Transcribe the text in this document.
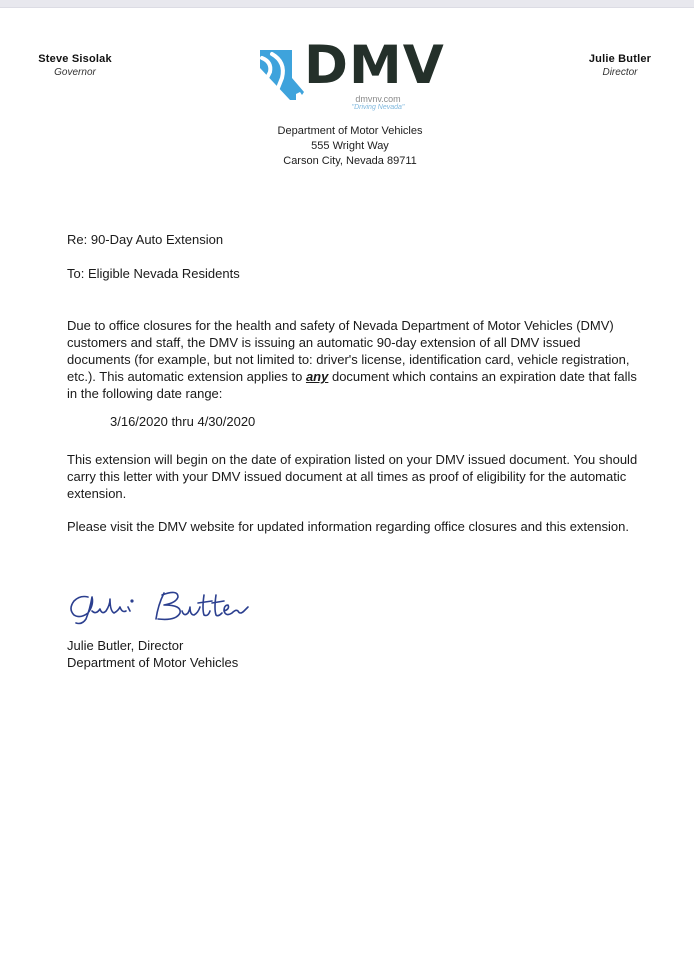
Steve Sisolak
Governor	DMV
dmvnv.com
"Driving Nevada"
Julie Butler
Director
Department of Motor Vehicles
555 Wright Way
Carson City, Nevada 89711
Re: 90-Day Auto Extension
To: Eligible Nevada Residents
Due to office closures for the health and safety of Nevada Department of Motor Vehicles (DMV) customers and staff, the DMV is issuing an automatic 90-day extension of all DMV issued documents (for example, but not limited to: driver's license, identification card, vehicle registration, etc.). This automatic extension applies to any document which contains an expiration date that falls in the following date range:
3/16/2020 thru 4/30/2020
This extension will begin on the date of expiration listed on your DMV issued document. You should carry this letter with your DMV issued document at all times as proof of eligibility for the automatic extension.
Please visit the DMV website for updated information regarding office closures and this extension.
Julie Butler, Director
Department of Motor Vehicles
